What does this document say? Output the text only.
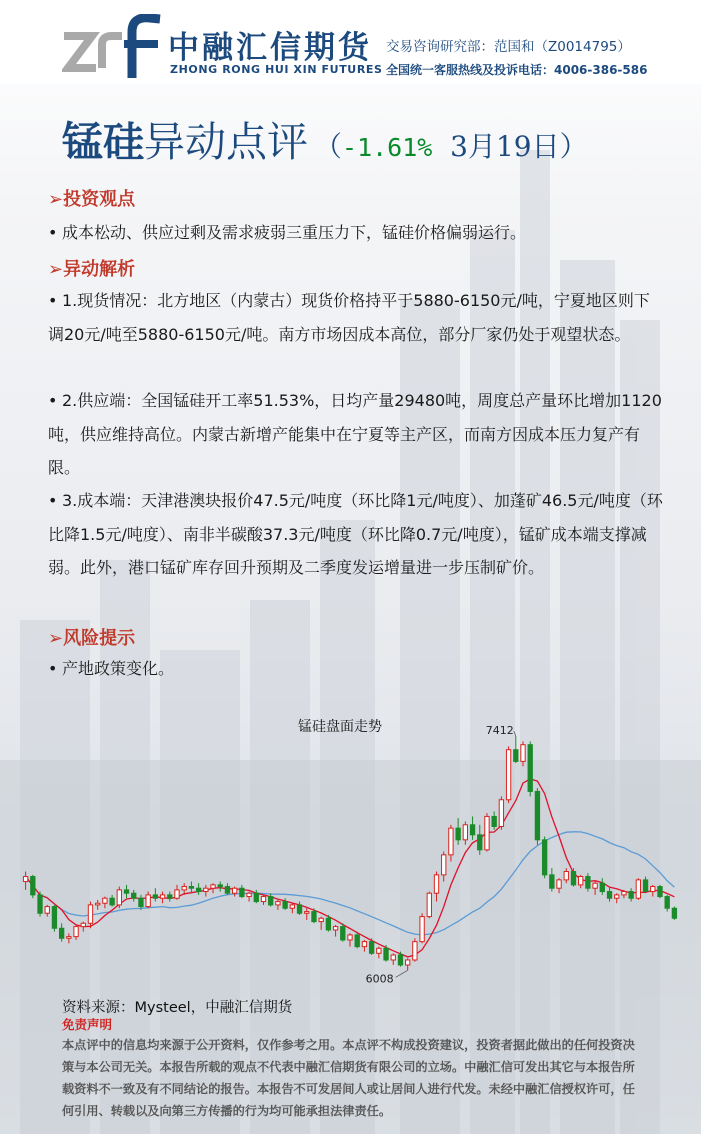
中融汇信期货
ZHONG RONG HUI XIN FUTURES
交易咨询研究部：范国和（Z0014795）
全国统一客服热线及投诉电话：4006-386-586
锰硅异动点评 （-1.61% 3月19日）
➢投资观点
• 成本松动、供应过剩及需求疲弱三重压力下，锰硅价格偏弱运行。
➢异动解析
• 1.现货情况：北方地区（内蒙古）现货价格持平于5880-6150元/吨，宁夏地区则下调20元/吨至5880-6150元/吨。南方市场因成本高位，部分厂家仍处于观望状态。
• 2.供应端：全国锰硅开工率51.53%，日均产量29480吨，周度总产量环比增加1120吨，供应维持高位。内蒙古新增产能集中在宁夏等主产区，而南方因成本压力复产有限。
• 3.成本端：天津港澳块报价47.5元/吨度（环比降1元/吨度）、加蓬矿46.5元/吨度（环比降1.5元/吨度）、南非半碳酸37.3元/吨度（环比降0.7元/吨度），锰矿成本端支撑减弱。此外，港口锰矿库存回升预期及二季度发运增量进一步压制矿价。
➢风险提示
• 产地政策变化。
锰硅盘面走势	7412
6008
资料来源：Mysteel，中融汇信期货
免责声明
本点评中的信息均来源于公开资料，仅作参考之用。本点评不构成投资建议，投资者据此做出的任何投资决策与本公司无关。本报告所载的观点不代表中融汇信期货有限公司的立场。中融汇信可发出其它与本报告所载资料不一致及有不同结论的报告。本报告不可发居间人或让居间人进行代发。未经中融汇信授权许可，任何引用、转载以及向第三方传播的行为均可能承担法律责任。
